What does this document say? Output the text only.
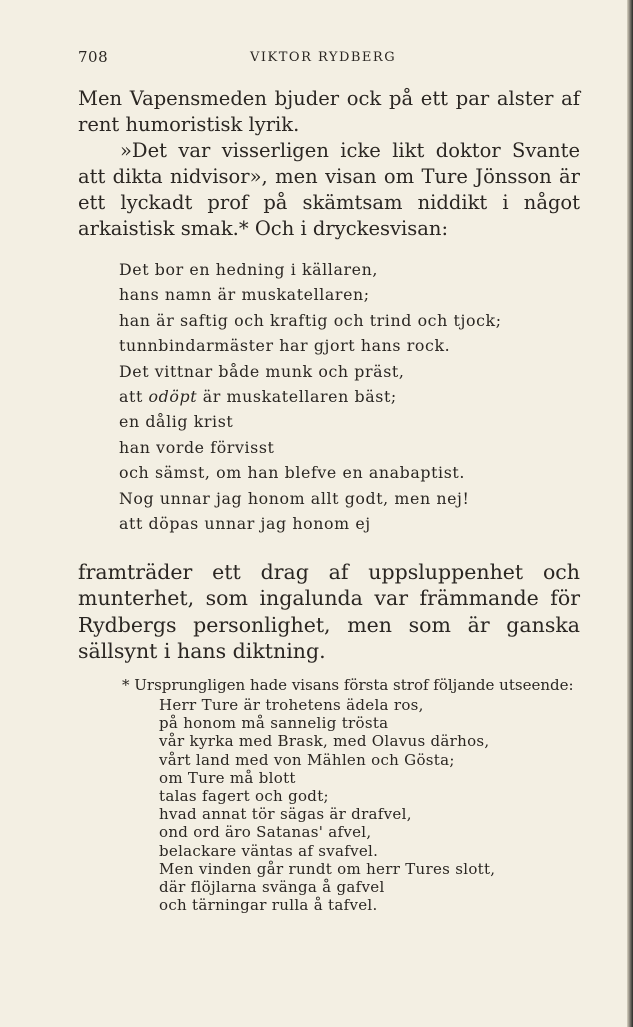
708	VIKTOR RYDBERG

Men Vapensmeden bjuder ock på ett par alster af rent humoristisk lyrik.

»Det var visserligen icke likt doktor Svante att dikta nidvisor», men visan om Ture Jönsson är ett lyckadt prof på skämtsam niddikt i något arkaistisk smak.* Och i dryckesvisan:

Det bor en hedning i källaren,
hans namn är muskatellaren;
han är saftig och kraftig och trind och tjock;
tunnbindarmäster har gjort hans rock.
Det vittnar både munk och präst,
att odöpt är muskatellaren bäst;
en dålig krist
han vorde förvisst
och sämst, om han blefve en anabaptist.
Nog unnar jag honom allt godt, men nej!
att döpas unnar jag honom ej

framträder ett drag af uppsluppenhet och munterhet, som ingalunda var främmande för Rydbergs personlighet, men som är ganska sällsynt i hans diktning.

* Ursprungligen hade visans första strof följande utseende:

Herr Ture är trohetens ädela ros,
på honom må sannelig trösta
vår kyrka med Brask, med Olavus därhos,
vårt land med von Mählen och Gösta;
om Ture må blott
talas fagert och godt;
hvad annat tör sägas är drafvel,
ond ord äro Satanas' afvel,
belackare väntas af svafvel.
Men vinden går rundt om herr Tures slott,
där flöjlarna svänga å gafvel
och tärningar rulla å tafvel.
